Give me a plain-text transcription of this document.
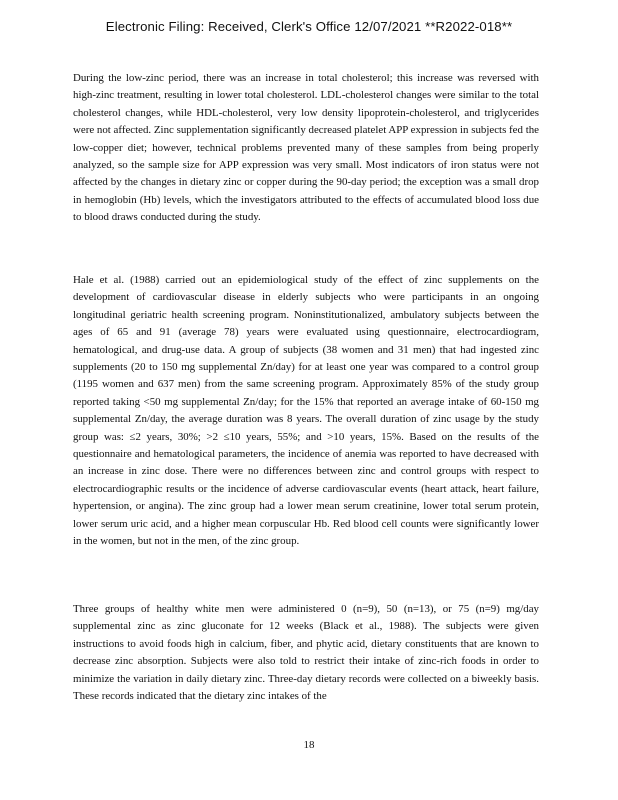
Electronic Filing: Received, Clerk's Office 12/07/2021 **R2022-018**
During the low-zinc period, there was an increase in total cholesterol; this increase was reversed with high-zinc treatment, resulting in lower total cholesterol. LDL-cholesterol changes were similar to the total cholesterol changes, while HDL-cholesterol, very low density lipoprotein-cholesterol, and triglycerides were not affected. Zinc supplementation significantly decreased platelet APP expression in subjects fed the low-copper diet; however, technical problems prevented many of these samples from being properly analyzed, so the sample size for APP expression was very small. Most indicators of iron status were not affected by the changes in dietary zinc or copper during the 90-day period; the exception was a small drop in hemoglobin (Hb) levels, which the investigators attributed to the effects of accumulated blood loss due to blood draws conducted during the study.
Hale et al. (1988) carried out an epidemiological study of the effect of zinc supplements on the development of cardiovascular disease in elderly subjects who were participants in an ongoing longitudinal geriatric health screening program. Noninstitutionalized, ambulatory subjects between the ages of 65 and 91 (average 78) years were evaluated using questionnaire, electrocardiogram, hematological, and drug-use data. A group of subjects (38 women and 31 men) that had ingested zinc supplements (20 to 150 mg supplemental Zn/day) for at least one year was compared to a control group (1195 women and 637 men) from the same screening program. Approximately 85% of the study group reported taking <50 mg supplemental Zn/day; for the 15% that reported an average intake of 60-150 mg supplemental Zn/day, the average duration was 8 years. The overall duration of zinc usage by the study group was: ≤2 years, 30%; >2 ≤10 years, 55%; and >10 years, 15%. Based on the results of the questionnaire and hematological parameters, the incidence of anemia was reported to have decreased with an increase in zinc dose. There were no differences between zinc and control groups with respect to electrocardiographic results or the incidence of adverse cardiovascular events (heart attack, heart failure, hypertension, or angina). The zinc group had a lower mean serum creatinine, lower total serum protein, lower serum uric acid, and a higher mean corpuscular Hb. Red blood cell counts were significantly lower in the women, but not in the men, of the zinc group.
Three groups of healthy white men were administered 0 (n=9), 50 (n=13), or 75 (n=9) mg/day supplemental zinc as zinc gluconate for 12 weeks (Black et al., 1988). The subjects were given instructions to avoid foods high in calcium, fiber, and phytic acid, dietary constituents that are known to decrease zinc absorption. Subjects were also told to restrict their intake of zinc-rich foods in order to minimize the variation in daily dietary zinc. Three-day dietary records were collected on a biweekly basis. These records indicated that the dietary zinc intakes of the
18
